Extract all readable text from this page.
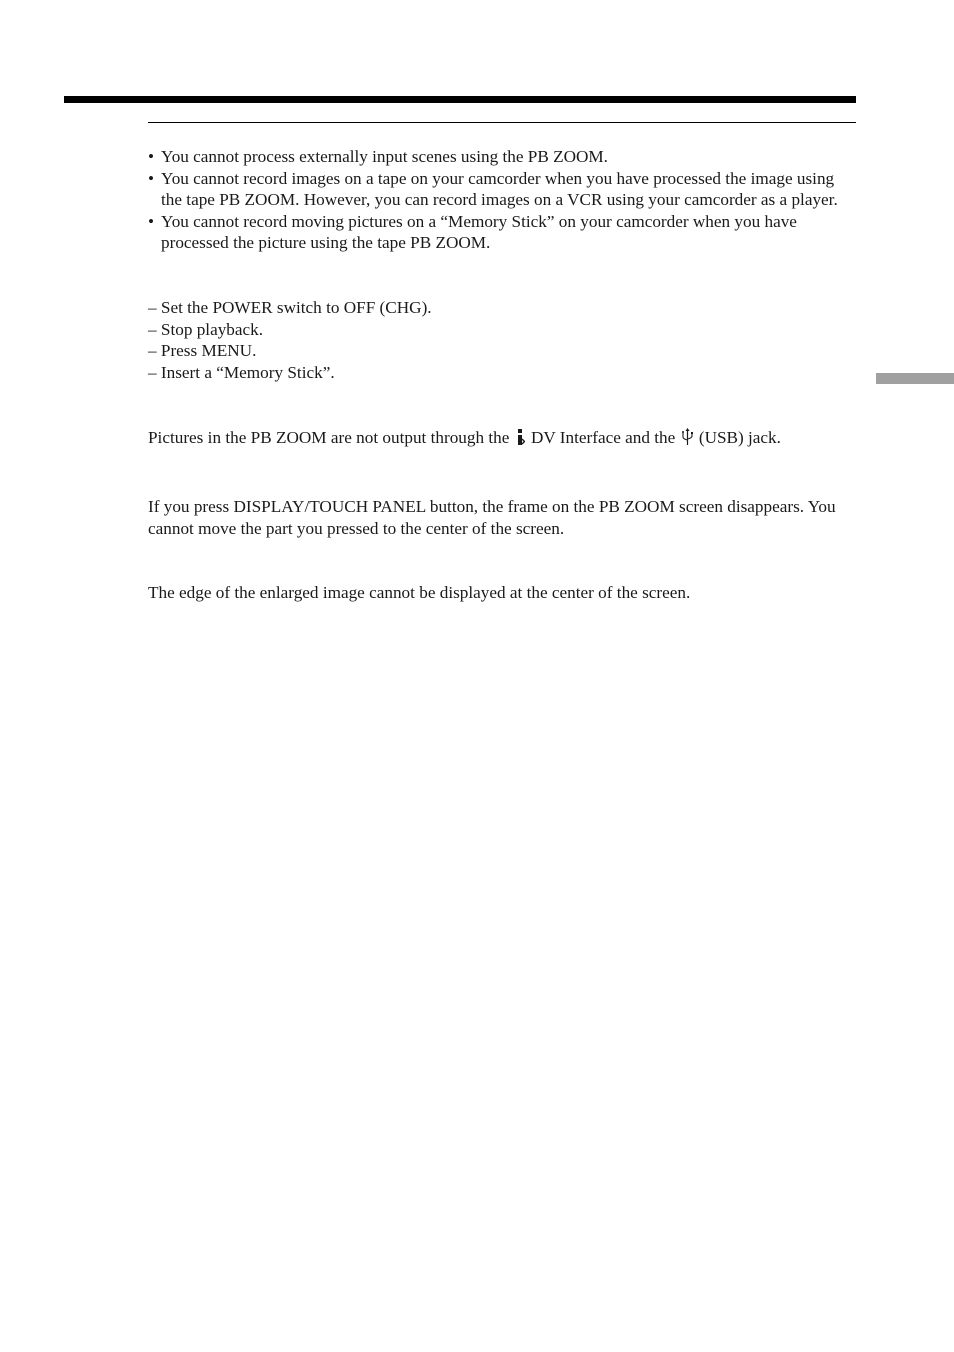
• You cannot process externally input scenes using the PB ZOOM.
• You cannot record images on a tape on your camcorder when you have processed the image using the tape PB ZOOM. However, you can record images on a VCR using your camcorder as a player.
• You cannot record moving pictures on a “Memory Stick” on your camcorder when you have processed the picture using the tape PB ZOOM.
– Set the POWER switch to OFF (CHG).
– Stop playback.
– Press MENU.
– Insert a “Memory Stick”.

Pictures in the PB ZOOM are not output through the  DV Interface and the  (USB) jack.

If you press DISPLAY/TOUCH PANEL button, the frame on the PB ZOOM screen disappears. You cannot move the part you pressed to the center of the screen.

The edge of the enlarged image cannot be displayed at the center of the screen.
